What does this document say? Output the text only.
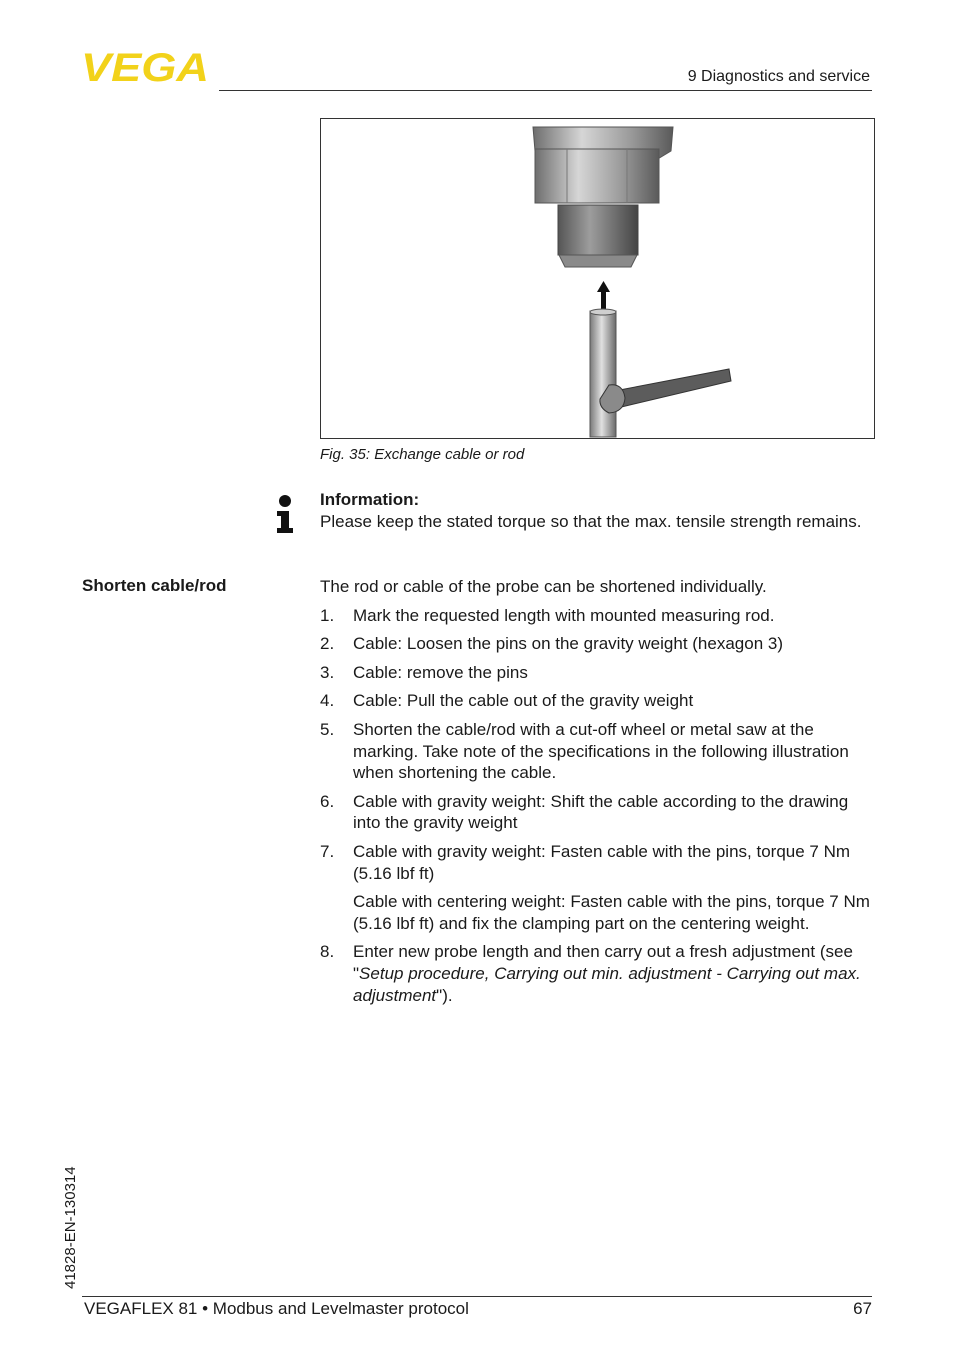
VEGA	9 Diagnostics and service
Fig. 35: Exchange cable or rod
Information:
Please keep the stated torque so that the max. tensile strength remains.
Shorten cable/rod	The rod or cable of the probe can be shortened individually.

1. Mark the requested length with mounted measuring rod.
2. Cable: Loosen the pins on the gravity weight (hexagon 3)
3. Cable: remove the pins
4. Cable: Pull the cable out of the gravity weight
5. Shorten the cable/rod with a cut-off wheel or metal saw at the marking. Take note of the specifications in the following illustration when shortening the cable.
6. Cable with gravity weight: Shift the cable according to the drawing into the gravity weight
7. Cable with gravity weight: Fasten cable with the pins, torque 7 Nm (5.16 lbf ft)
Cable with centering weight: Fasten cable with the pins, torque 7 Nm (5.16 lbf ft) and fix the clamping part on the centering weight.
8. Enter new probe length and then carry out a fresh adjustment (see "Setup procedure, Carrying out min. adjustment - Carrying out max. adjustment").
41828-EN-130314
VEGAFLEX 81 • Modbus and Levelmaster protocol	67
